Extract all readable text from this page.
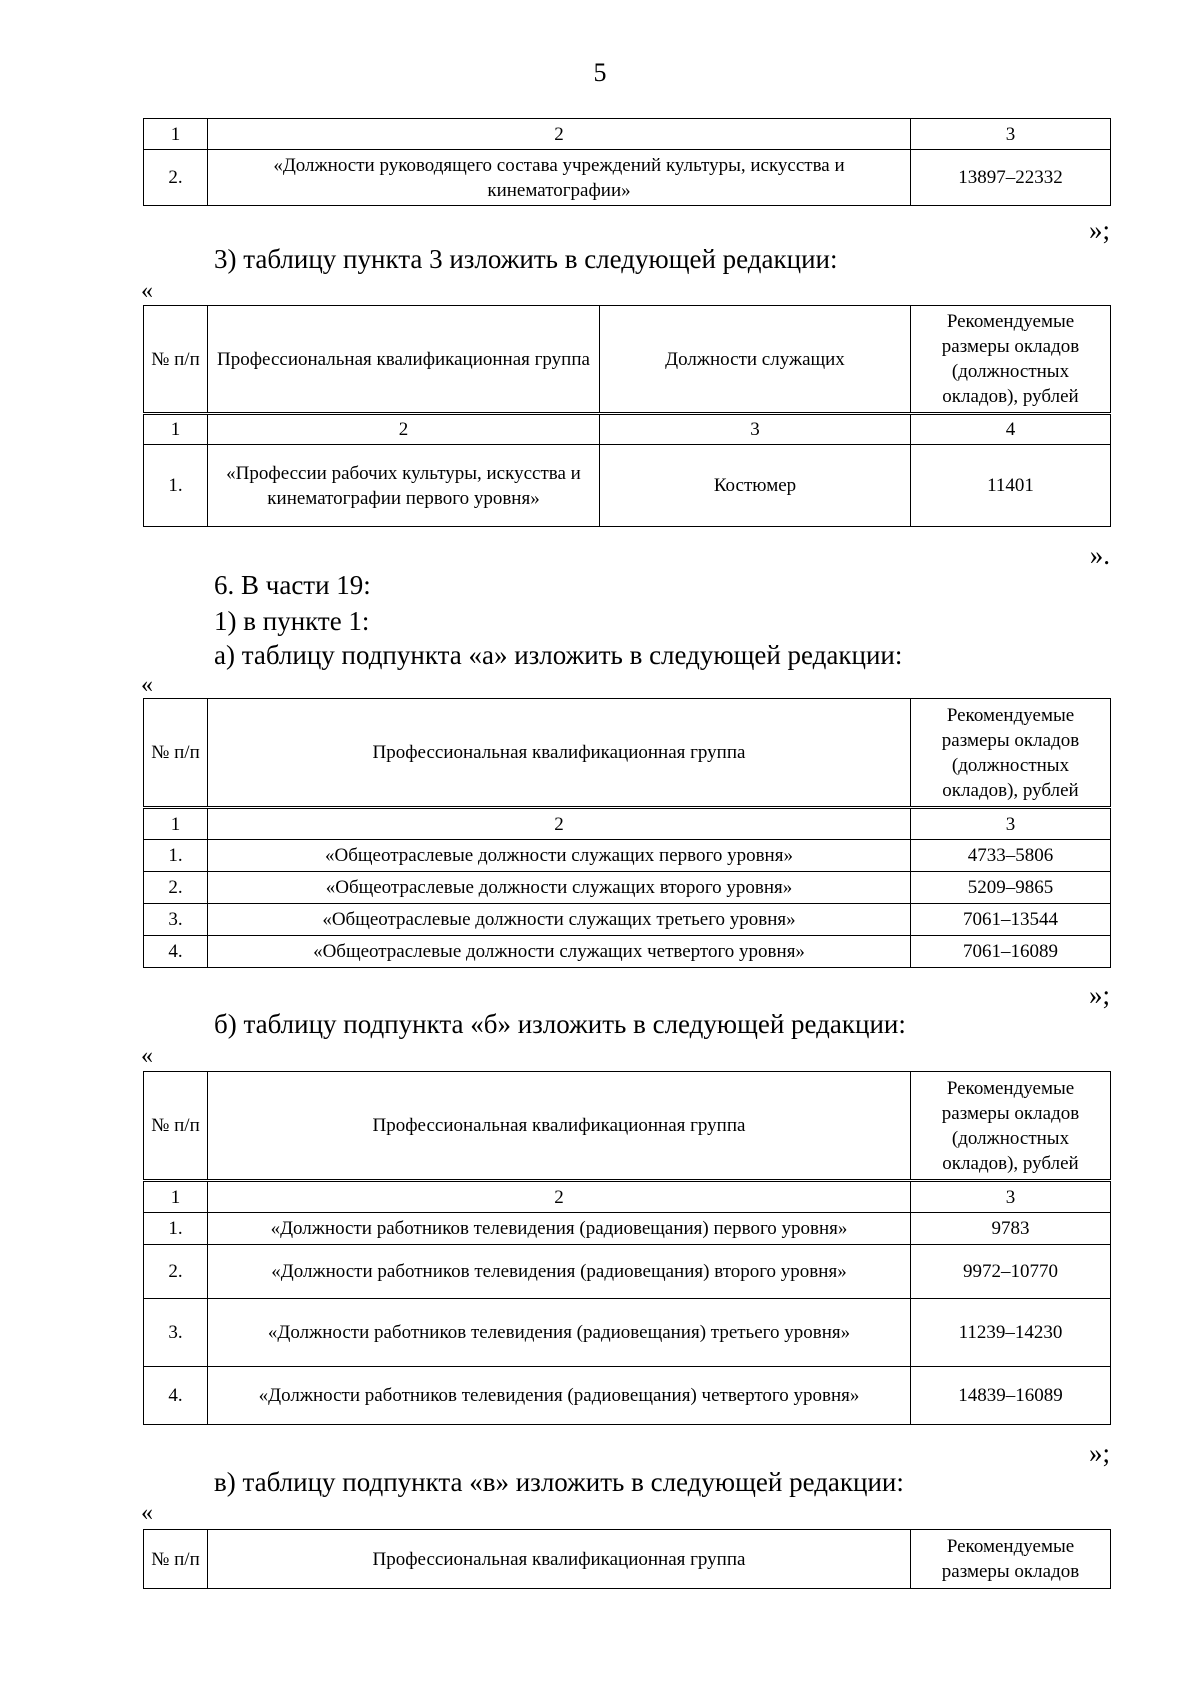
5
1	2	3
2.	«Должности руководящего состава учреждений культуры, искусства и кинематографии»	13897–22332
»;
3) таблицу пункта 3 изложить в следующей редакции:
«
№ п/п	Профессиональная квалификационная группа	Должности служащих	Рекомендуемые размеры окладов (должностных окладов), рублей
1	2	3	4
1.	«Профессии рабочих культуры, искусства и кинематографии первого уровня»	Костюмер	11401
».
6. В части 19:
1) в пункте 1:
а) таблицу подпункта «а» изложить в следующей редакции:
«
№ п/п	Профессиональная квалификационная группа	Рекомендуемые размеры окладов (должностных окладов), рублей
1	2	3
1.	«Общеотраслевые должности служащих первого уровня»	4733–5806
2.	«Общеотраслевые должности служащих второго уровня»	5209–9865
3.	«Общеотраслевые должности служащих третьего уровня»	7061–13544
4.	«Общеотраслевые должности служащих четвертого уровня»	7061–16089
»;
б) таблицу подпункта «б» изложить в следующей редакции:
«
№ п/п	Профессиональная квалификационная группа	Рекомендуемые размеры окладов (должностных окладов), рублей
1	2	3
1.	«Должности работников телевидения (радиовещания) первого уровня»	9783
2.	«Должности работников телевидения (радиовещания) второго уровня»	9972–10770
3.	«Должности работников телевидения (радиовещания) третьего уровня»	11239–14230
4.	«Должности работников телевидения (радиовещания) четвертого уровня»	14839–16089
»;
в) таблицу подпункта «в» изложить в следующей редакции:
«
№ п/п	Профессиональная квалификационная группа	Рекомендуемые размеры окладов
